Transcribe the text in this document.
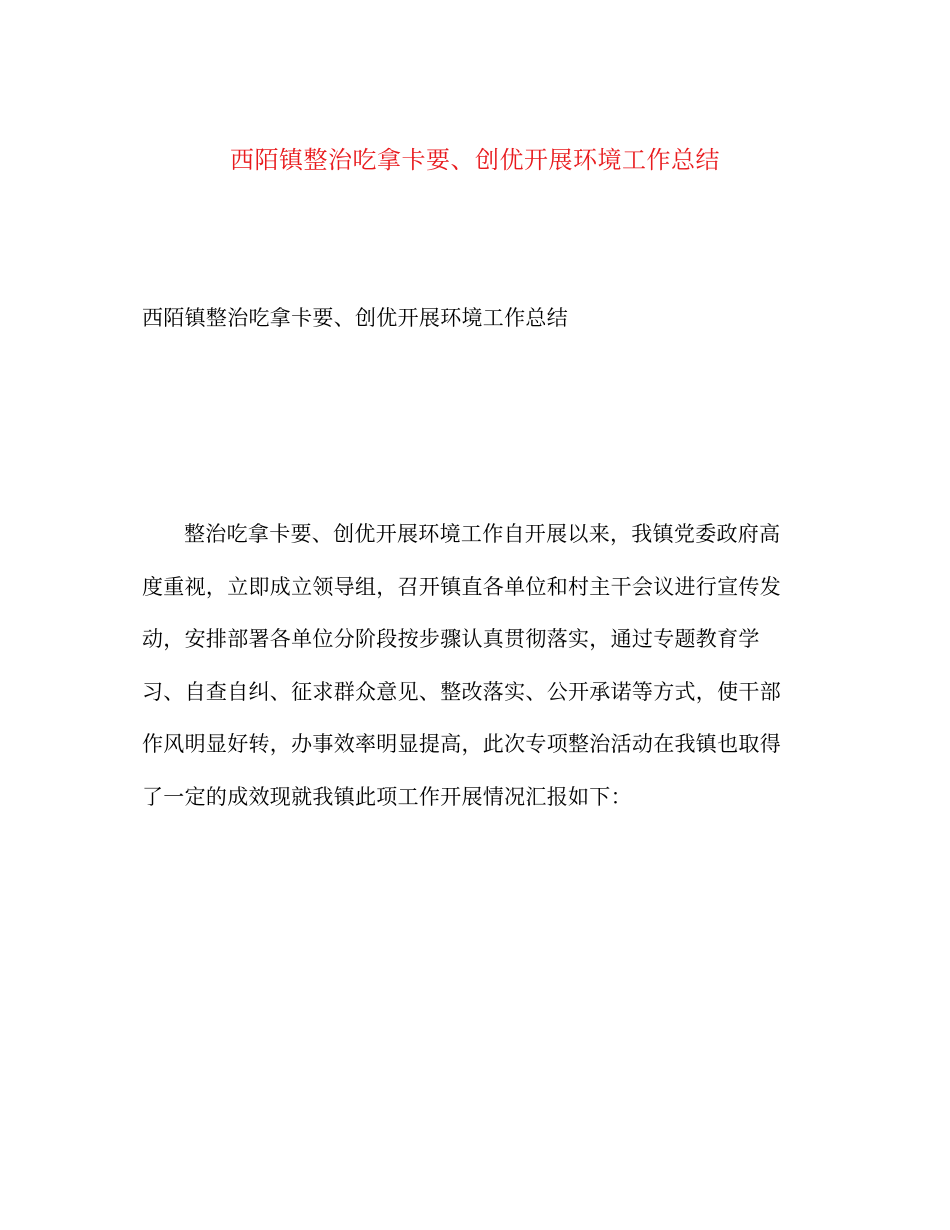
西陌镇整治吃拿卡要、创优开展环境工作总结
西陌镇整治吃拿卡要、创优开展环境工作总结
整治吃拿卡要、创优开展环境工作自开展以来，我镇党委政府高
度重视，立即成立领导组，召开镇直各单位和村主干会议进行宣传发
动，安排部署各单位分阶段按步骤认真贯彻落实，通过专题教育学
习、自查自纠、征求群众意见、整改落实、公开承诺等方式，使干部
作风明显好转，办事效率明显提高，此次专项整治活动在我镇也取得
了一定的成效现就我镇此项工作开展情况汇报如下：
